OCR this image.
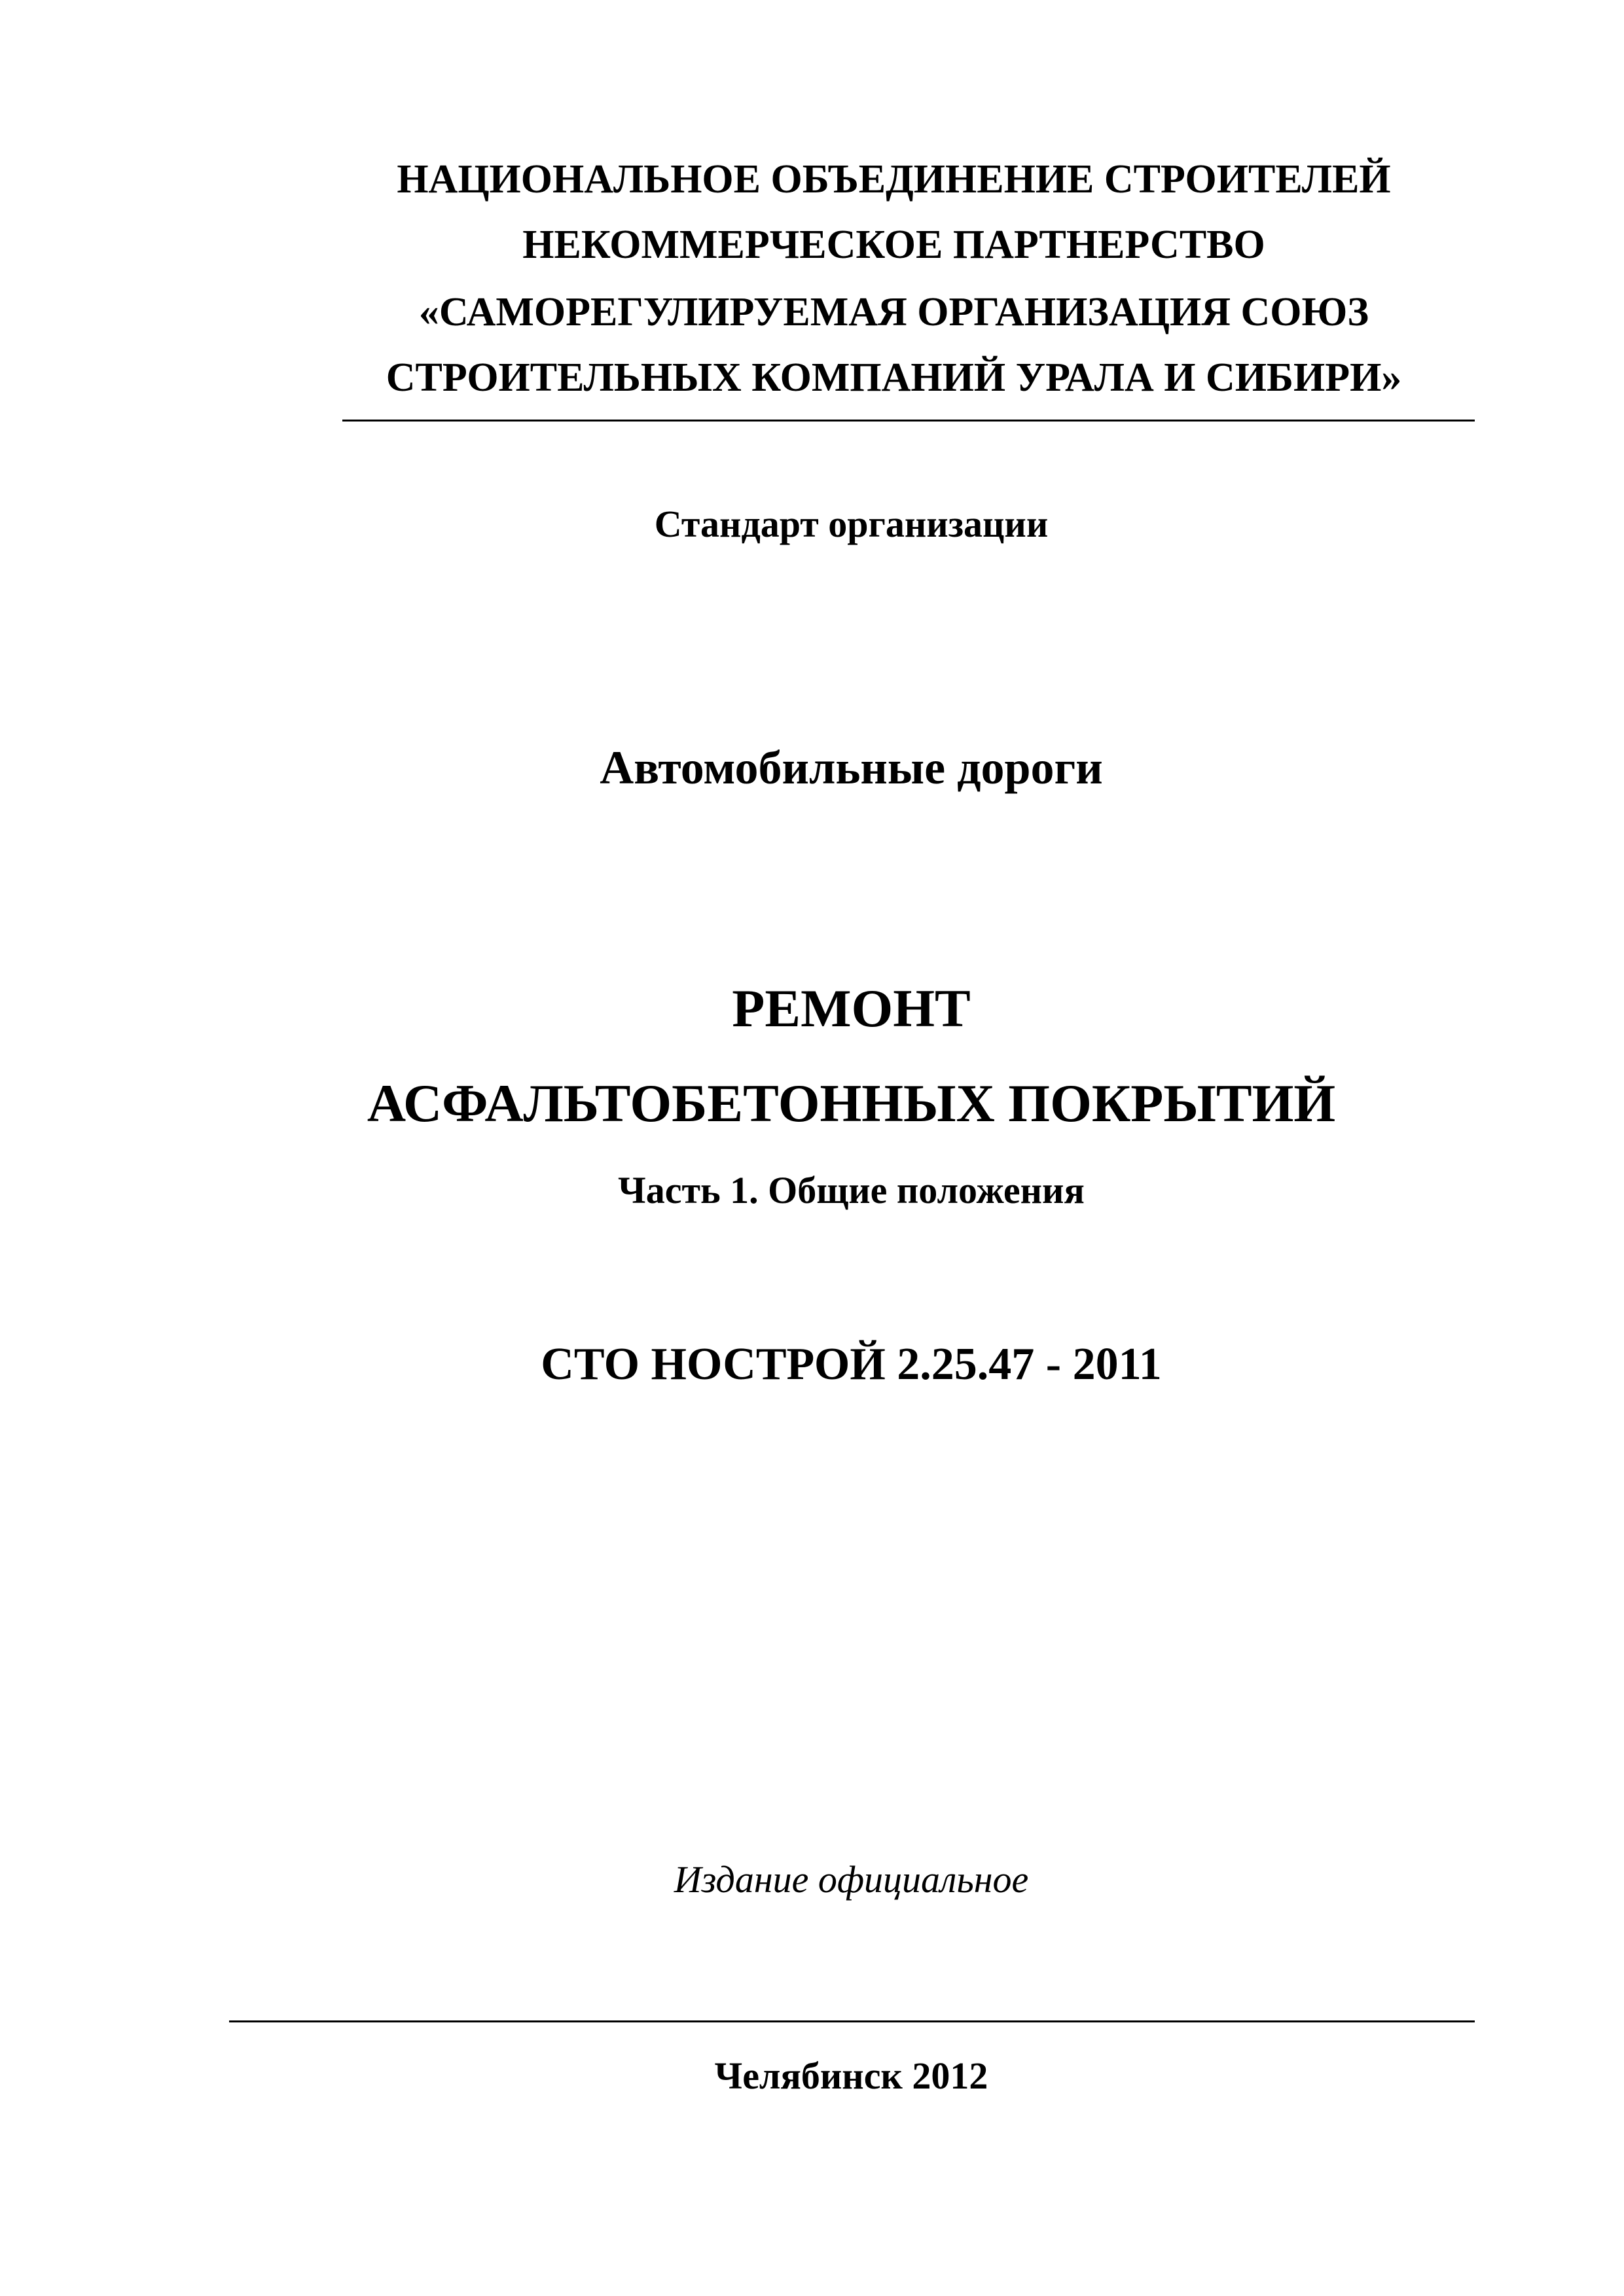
НАЦИОНАЛЬНОЕ ОБЪЕДИНЕНИЕ СТРОИТЕЛЕЙ
НЕКОММЕРЧЕСКОЕ ПАРТНЕРСТВО
«САМОРЕГУЛИРУЕМАЯ ОРГАНИЗАЦИЯ СОЮЗ
СТРОИТЕЛЬНЫХ КОМПАНИЙ УРАЛА И СИБИРИ»
Стандарт организации
Автомобильные дороги
РЕМОНТ
АСФАЛЬТОБЕТОННЫХ ПОКРЫТИЙ
Часть 1. Общие положения
СТО НОСТРОЙ 2.25.47 - 2011
Издание официальное
Челябинск 2012
